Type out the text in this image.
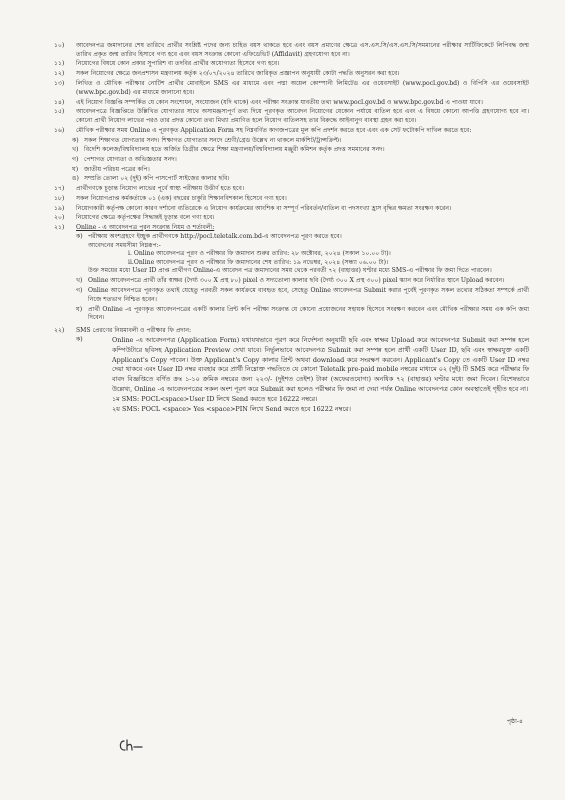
১০)	আবেদনপত্র জমাদানের শেষ তারিখে প্রার্থীর সংশ্লিষ্ট পদের জন্য চাহিত বয়স থাকতে হবে এবং বয়স প্রমাণের ক্ষেত্রে এস.এস.সি/এস.এস.সি/সমমানের পরীক্ষার সার্টিফিকেটে লিপিবদ্ধ জন্ম তারিখ প্রকৃত জন্ম তারিখ হিসাবে গণ্য হবে এবং বয়স সংক্রান্ত কোনো এফিডেভিট (Affidavit) গ্রহণযোগ্য হবে না।
১১)	নিয়োগের বিষয়ে কোন প্রকার সুপারিশ বা তদবির প্রার্থীর অযোগ্যতা হিসেবে গণ্য হবে।
১২)	সকল নিয়োগের ক্ষেত্রে জনপ্রশাসন মন্ত্রণালয় কর্তৃক ২৩/০৭/২০২৪ তারিখে জারিকৃত প্রজ্ঞাপন অনুযায়ী কোটা পদ্ধতি অনুসরন করা হবে।
১৩)	লিখিত ও মৌখিক পরীক্ষার নোটিশ প্রার্থীর মোবাইলে SMS এর মাধ্যমে এবং পদ্মা অয়েল কোম্পানী লিমিটেড এর ওয়েবসাইট (www.pocl.gov.bd) ও বিপিসি এর ওয়েবসাইট (www.bpc.gov.bd) এর মাধ্যমে জানানো হবে।
১৪)	এই নিয়োগ বিজ্ঞপ্তি সম্পর্কিত যে কোন সংশোধন, সংযোজন (যদি থাকে) এবং পরীক্ষা সংক্রান্ত যাবতীয় তথ্য www.pocl.gov.bd ও www.bpc.gov.bd এ পাওয়া যাবে।
১৫)	আবেদনপত্রে বিজ্ঞপ্তিতে উল্লিখিত যোগ্যতার সাথে অসামঞ্জস্যপূর্ণ তথ্য দিয়ে পূরণকৃত আবেদন নিয়োগের যেকোন পর্যায়ে বাতিল হবে এবং এ বিষয়ে কোনো আপত্তি গ্রহণযোগ্য হবে না। কোনো প্রার্থী নিয়োগ লাভের পরও তার প্রদত্ত কোনো তথ্য মিথ্যা প্রমাণিত হলে নিয়োগ বাতিলসহ তার বিরুদ্ধে আইনানুগ ব্যবস্থা গ্রহন করা হবে।
১৬)	মৌখিক পরীক্ষার সময় Online এ পূরণকৃত Application Form সহ নিম্নবর্ণিত কাগজপত্রের মূল কপি প্রদর্শন করতে হবে এবং এক সেট ফটোকপি দাখিল করতে হবে:
ক) সকল শিক্ষাগত যোগ্যতার সনদ। শিক্ষাগত যোগ্যতার সনদে শ্রেণী/গ্রেড উল্লেখ না থাকলে মার্কশিট/ট্রান্সক্রিপ্ট।
খ) বিদেশি কলেজ/বিশ্ববিদ্যালয় হতে অর্জিত ডিগ্রীর ক্ষেত্রে শিক্ষা মন্ত্রণালয়/বিশ্ববিদ্যালয় মঞ্জুরী কমিশন কর্তৃক প্রদত্ত সমমানের সনদ।
গ) পেশাগত যোগ্যতা ও অভিজ্ঞতার সনদ।
ঘ) জাতীয় পরিচয় পত্রের কপি।
ঙ) সম্প্রতি তোলা ০২ (দুই) কপি পাসপোর্ট সাইজের কালার ছবি।
১৭)	প্রার্থীগণকে চূড়ান্ত নিয়োগ লাভের পূর্বে স্বাস্থ্য পরীক্ষায় উত্তীর্ণ হতে হবে।
১৮)	সকল নিয়োগপ্রাপ্ত কর্মকর্তাকে ০১ (এক) বছরের চাকুরি শিক্ষানবিশকাল হিসেবে গণ্য হবে।
১৯)	নিয়োগকারী কর্তৃপক্ষ কোনো কারণ দর্শানো ব্যতিরেকে এ নিয়োগ কার্যক্রমের আংশিক বা সম্পূর্ণ পরিবর্তন/বাতিল বা পদসংখ্যা হ্রাস বৃদ্ধির ক্ষমতা সংরক্ষণ করেন।
২০)	নিয়োগের ক্ষেত্রে কর্তৃপক্ষের সিদ্ধান্তই চূড়ান্ত বলে গণ্য হবে।
২১)	Online - এ আবেদনপত্র পূরন সংক্রান্ত নিয়ম ও শর্তাবলী:
ক) পরীক্ষায় অংশগ্রহণে ইচ্ছুক প্রার্থীগণকে http://pocl.teletalk.com.bd-এ আবেদনপত্র পূরণ করতে হবে।
আবেদনের সময়সীমা নিম্নরূপ:-
i. Online আবেদনপত্র পূরণ ও পরীক্ষার ফি জমাদান শুরুর তারিখ: ২৮ অক্টোবর, ২০২৪ (সকাল ১০.০০ টা)।
ii.Online আবেদনপত্র পূরণ ও পরীক্ষার ফি জমাদানের শেষ তারিখ: ১৯ নভেম্বর, ২০২৪ (সন্ধ্যা ০৬.০০ টা)।
উক্ত সময়ের মধ্যে User ID প্রাপ্ত প্রার্থীগণ Online-এ আবেদন পত্র জমাদানের সময় থেকে পরবর্তী ৭২ (বাহাত্তর) ঘণ্টার মধ্যে SMS-এ পরীক্ষার ফি জমা দিতে পারবেন।
খ) Online আবেদনপত্রে প্রার্থী তাঁর স্বাক্ষর (দৈর্ঘ্য ৩০০ X প্রস্থ ৮০) pixel ও সদ্যতোলা কালার ছবি (দৈর্ঘ্য ৩০০ X প্রস্থ ৩০০) pixel স্ক্যান করে নির্ধারিত স্থানে Upload করবেন।
গ) Online আবেদনপত্রে পূরণকৃত তথ্যই যেহেতু পরবর্তী সকল কার্যক্রমে ব্যবহৃত হবে, সেহেতু Online আবেদনপত্র Submit করার পূর্বেই পূরণকৃত সকল তথ্যের সঠিকতা সম্পর্কে প্রার্থী নিজে শতভাগ নিশ্চিত হবেন।
ঘ) প্রার্থী Online -এ পূরণকৃত আবেদনপত্রের একটি কালার প্রিন্ট কপি পরীক্ষা সংক্রান্ত যে কোনো প্রয়োজনের সহায়ক হিসেবে সংরক্ষণ করবেন এবং মৌখিক পরীক্ষার সময় এক কপি জমা দিবেন।
২২)	SMS প্রেরণের নিয়মাবলী ও পরীক্ষার ফি প্রদান:
ক)	Online -এ আবেদনপত্র (Application Form) যথাযথভাবে পূরণ করে নির্দেশনা অনুযায়ী ছবি এবং স্বাক্ষর Upload করে আবেদনপত্র Submit করা সম্পন্ন হলে কম্পিউটারে ছবিসহ Application Preview দেখা যাবে। নির্ভুলভাবে আবেদনপত্র Submit করা সম্পন্ন হলে প্রার্থী একটি User ID, ছবি এবং স্বাক্ষরযুক্ত একটি Applicant's Copy পাবেন। উক্ত Applicant's Copy কালার প্রিন্ট অথবা download করে সংরক্ষণ করবেন। Applicant's Copy তে একটি User ID নম্বর দেয়া থাকবে এবং User ID নম্বর ব্যবহার করে প্রার্থী নিম্নোক্ত পদ্ধতিতে যে কোনো Teletalk pre-paid mobile নম্বরের মাধ্যমে ০২ (দুই) টি SMS করে পরীক্ষার ফি বাবদ বিজ্ঞপ্তিতে বর্ণিত ক্রঃ ১-১০ ক্রমিক নম্বরের জন্য ২২৩/- (দুইশত তেইশ) টাকা (অফেরতযোগ্য) অনধিক ৭২ (বাহাত্তর) ঘণ্টার মধ্যে জমা দিবেন। বিশেষভাবে উল্লেখ্য, Online -এ আবেদনপত্রের সকল অংশ পূরণ করে Submit করা হলেও পরীক্ষার ফি জমা না দেয়া পর্যন্ত Online আবেদনপত্র কোন অবস্থাতেই গৃহীত হবে না।
১ম SMS: POCL<space>User ID লিখে Send করতে হবে 16222 নম্বরে।
২য় SMS: POCL <space> Yes <space>PIN লিখে Send করতে হবে 16222 নম্বরে।
পৃষ্ঠা-৪
